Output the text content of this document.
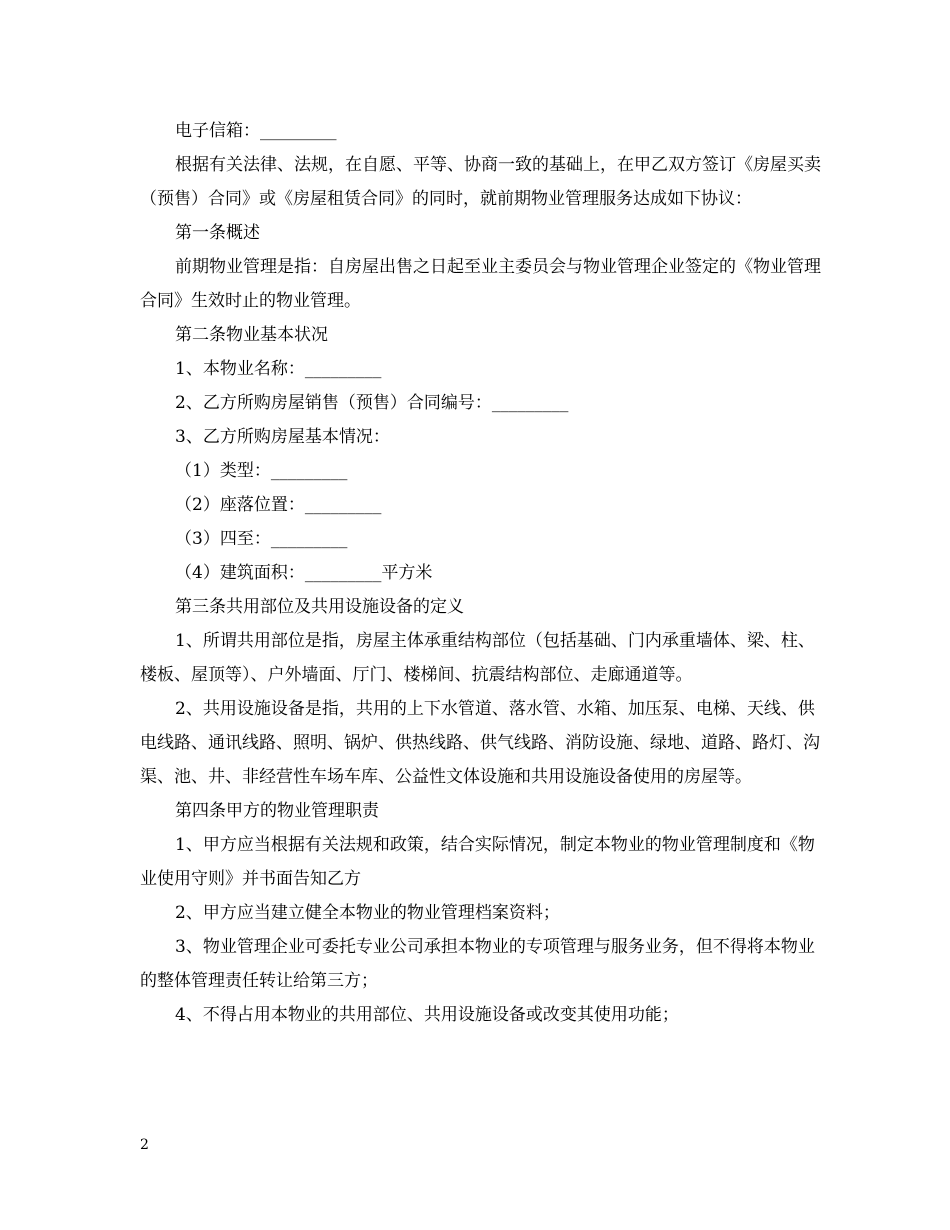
电子信箱：_________

根据有关法律、法规，在自愿、平等、协商一致的基础上，在甲乙双方签订《房屋买卖（预售）合同》或《房屋租赁合同》的同时，就前期物业管理服务达成如下协议：

第一条概述

前期物业管理是指：自房屋出售之日起至业主委员会与物业管理企业签定的《物业管理合同》生效时止的物业管理。

第二条物业基本状况

1、本物业名称：_________

2、乙方所购房屋销售（预售）合同编号：_________

3、乙方所购房屋基本情况：

（1）类型：_________

（2）座落位置：_________

（3）四至：_________

（4）建筑面积：_________平方米

第三条共用部位及共用设施设备的定义

1、所谓共用部位是指，房屋主体承重结构部位（包括基础、门内承重墙体、梁、柱、楼板、屋顶等）、户外墙面、厅门、楼梯间、抗震结构部位、走廊通道等。

2、共用设施设备是指，共用的上下水管道、落水管、水箱、加压泵、电梯、天线、供电线路、通讯线路、照明、锅炉、供热线路、供气线路、消防设施、绿地、道路、路灯、沟渠、池、井、非经营性车场车库、公益性文体设施和共用设施设备使用的房屋等。

第四条甲方的物业管理职责

1、甲方应当根据有关法规和政策，结合实际情况，制定本物业的物业管理制度和《物业使用守则》并书面告知乙方

2、甲方应当建立健全本物业的物业管理档案资料；

3、物业管理企业可委托专业公司承担本物业的专项管理与服务业务，但不得将本物业的整体管理责任转让给第三方；

4、不得占用本物业的共用部位、共用设施设备或改变其使用功能；

2
